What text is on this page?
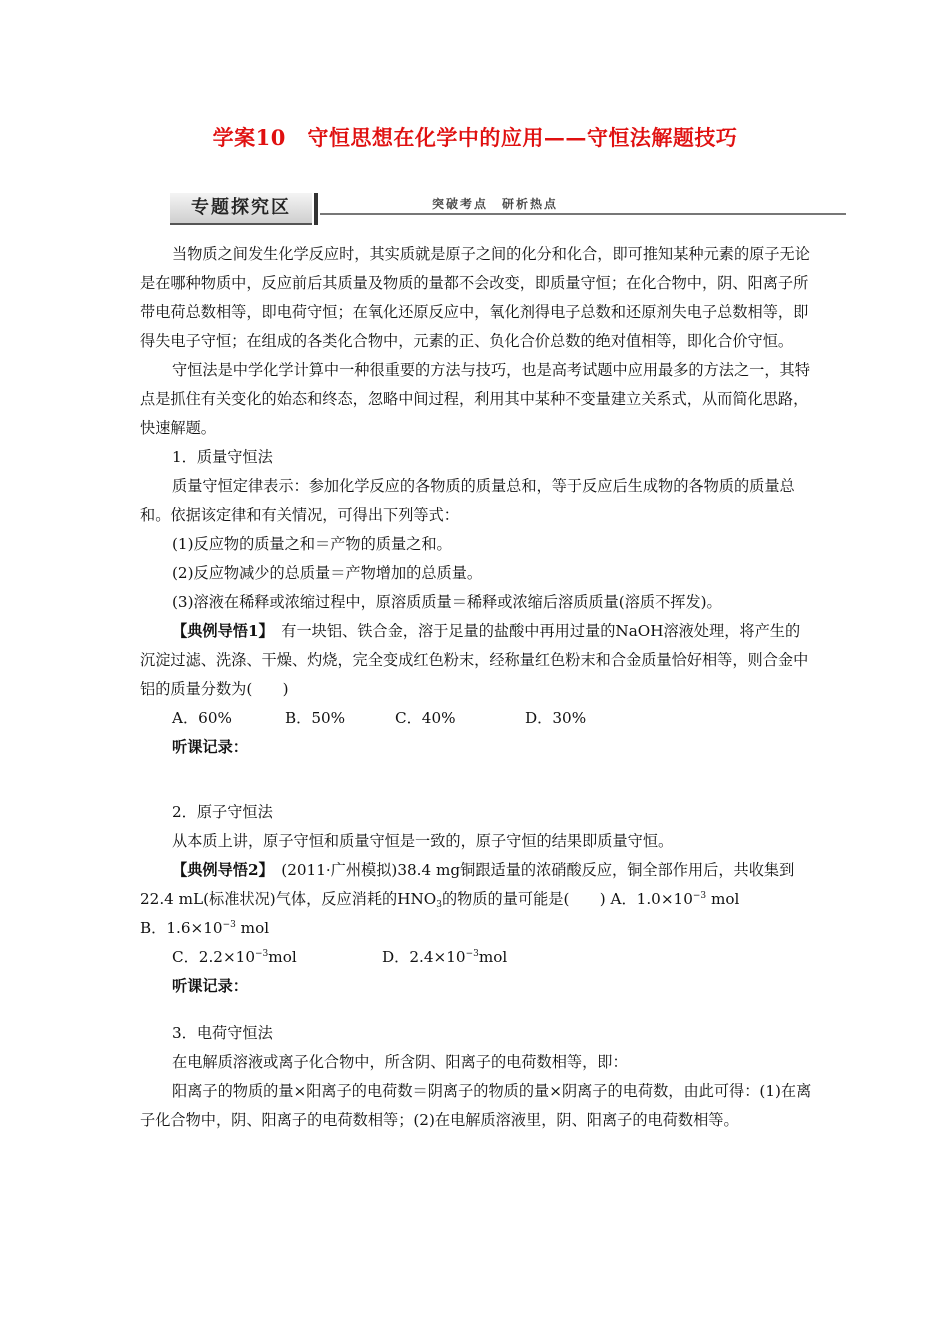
学案10　守恒思想在化学中的应用——守恒法解题技巧
专题探究区	突破考点　研析热点

当物质之间发生化学反应时，其实质就是原子之间的化分和化合，即可推知某种元素的原子无论是在哪种物质中，反应前后其质量及物质的量都不会改变，即质量守恒；在化合物中，阴、阳离子所带电荷总数相等，即电荷守恒；在氧化还原反应中，氧化剂得电子总数和还原剂失电子总数相等，即得失电子守恒；在组成的各类化合物中，元素的正、负化合价总数的绝对值相等，即化合价守恒。

守恒法是中学化学计算中一种很重要的方法与技巧，也是高考试题中应用最多的方法之一，其特点是抓住有关变化的始态和终态，忽略中间过程，利用其中某种不变量建立关系式，从而简化思路，快速解题。

1．质量守恒法

质量守恒定律表示：参加化学反应的各物质的质量总和，等于反应后生成物的各物质的质量总和。依据该定律和有关情况，可得出下列等式：

(1)反应物的质量之和＝产物的质量之和。

(2)反应物减少的总质量＝产物增加的总质量。

(3)溶液在稀释或浓缩过程中，原溶质质量＝稀释或浓缩后溶质质量(溶质不挥发)。

【典例导悟1】　有一块铝、铁合金，溶于足量的盐酸中再用过量的NaOH溶液处理，将产生的沉淀过滤、洗涤、干燥、灼烧，完全变成红色粉末，经称量红色粉末和合金质量恰好相等，则合金中铝的质量分数为(　　)

A．60%	B．50%	C．40%	D．30%

听课记录：

2．原子守恒法

从本质上讲，原子守恒和质量守恒是一致的，原子守恒的结果即质量守恒。

【典例导悟2】　(2011·广州模拟)38.4 mg铜跟适量的浓硝酸反应，铜全部作用后，共收集到22.4 mL(标准状况)气体，反应消耗的$HNO_3$的物质的量可能是(　　) A．$1.0\times 10^{-3}$ mol

B．$1.6\times 10^{-3}$ mol

C．$2.2\times 10^{-3}mol$	D．$2.4\times 10^{-3}mol$

听课记录：

3．电荷守恒法

在电解质溶液或离子化合物中，所含阴、阳离子的电荷数相等，即：

阳离子的物质的量×阳离子的电荷数＝阴离子的物质的量×阴离子的电荷数，由此可得：(1)在离子化合物中，阴、阳离子的电荷数相等；(2)在电解质溶液里，阴、阳离子的电荷数相等。
